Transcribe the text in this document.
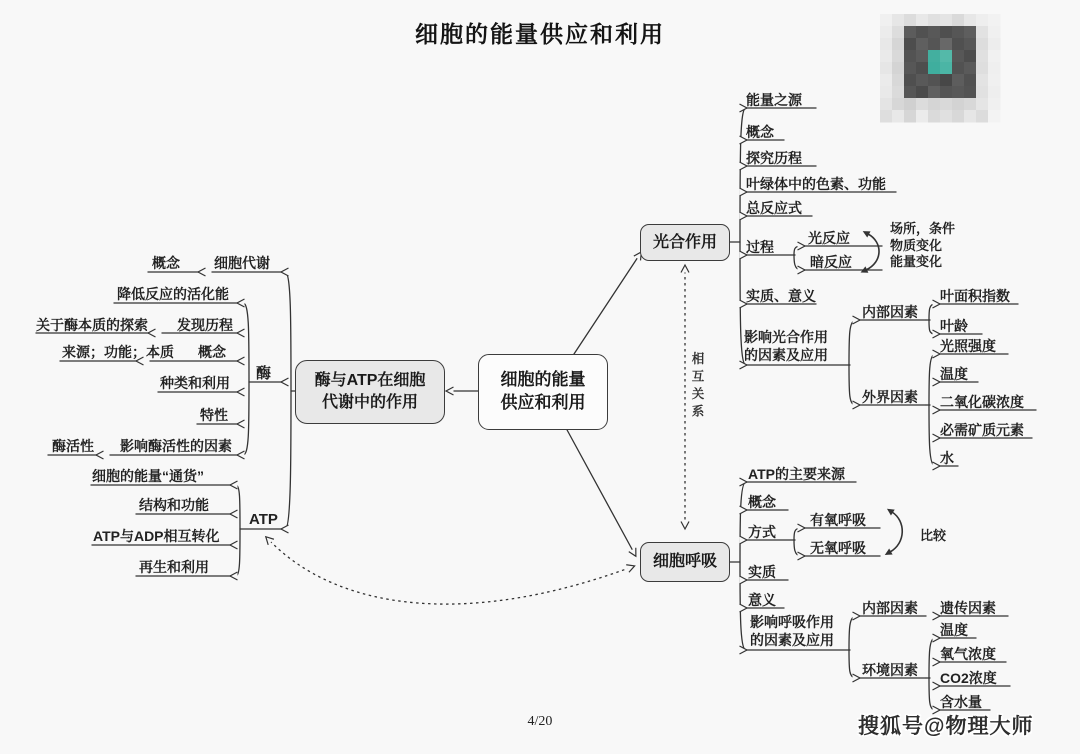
细胞的能量供应和利用
细胞的能量
供应和利用
酶与ATP在细胞
代谢中的作用
光合作用
细胞呼吸
概念 细胞代谢
酶
降低反应的活化能
关于酶本质的探索 发现历程
来源；功能；本质 概念
种类和利用
特性
酶活性 影响酶活性的因素
ATP
细胞的能量“通货”
结构和功能
ATP与ADP相互转化
再生和利用
能量之源
概念
探究历程
叶绿体中的色素、功能
总反应式
过程
光反应
暗反应
场所，条件
物质变化
能量变化
实质、意义
影响光合作用
的因素及应用
内部因素
叶面积指数
叶龄
外界因素
光照强度
温度
二氧化碳浓度
必需矿质元素
水
ATP的主要来源
概念
方式
有氧呼吸
无氧呼吸
比较
实质
意义
影响呼吸作用
的因素及应用
内部因素 遗传因素
环境因素
温度
氧气浓度
CO2浓度
含水量
相互关系
4/20	搜狐号@物理大师
